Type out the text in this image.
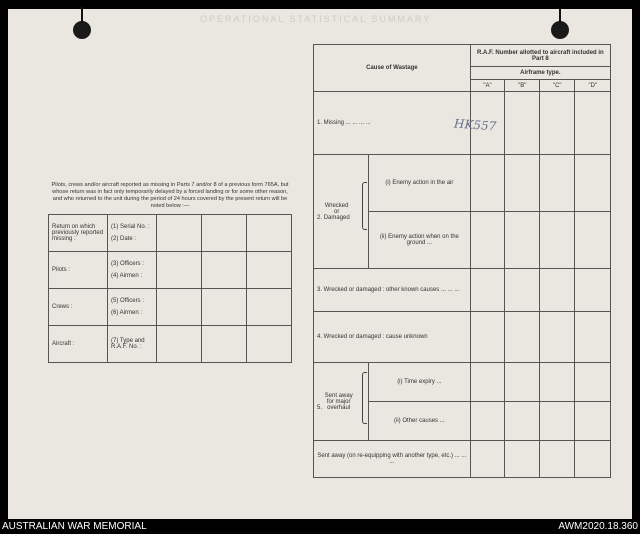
OPERATIONAL STATISTICAL SUMMARY
Pilots, crews and/or aircraft reported as missing in Parts 7 and/or 8 of a previous form 765A, but whose return was in fact only temporarily delayed by a forced landing or for some other reason, and who returned to the unit during the period of 24 hours covered by the present return will be noted below :—
Return on which previously reported missing :	(1) Serial No. :
(2) Date :			

Pilots :	(3) Officers :
(4) Airmen :			

Crews :	(5) Officers :
(6) Airmen :			

Aircraft :	(7) Type and R.A.F. No. :			
Cause of Wastage		R.A.F. Number allotted to aircraft included in Part 8			
		Airframe type.			
		"A"	"B"	"C"	"D"
1. Missing ... ... ... ...					
2. Wrecked or Damaged	(i) Enemy action in the air				
	(ii) Enemy action when on the ground ...				
3. Wrecked or damaged : other known causes ... ... ...					
4. Wrecked or damaged : cause unknown					
5. Sent away for major overhaul	(i) Time expiry ...				
	(ii) Other causes ...				
Sent away (on re-equipping with another type, etc.) ... ... ...					
HK557
AUSTRALIAN WAR MEMORIAL	AWM2020.18.360
